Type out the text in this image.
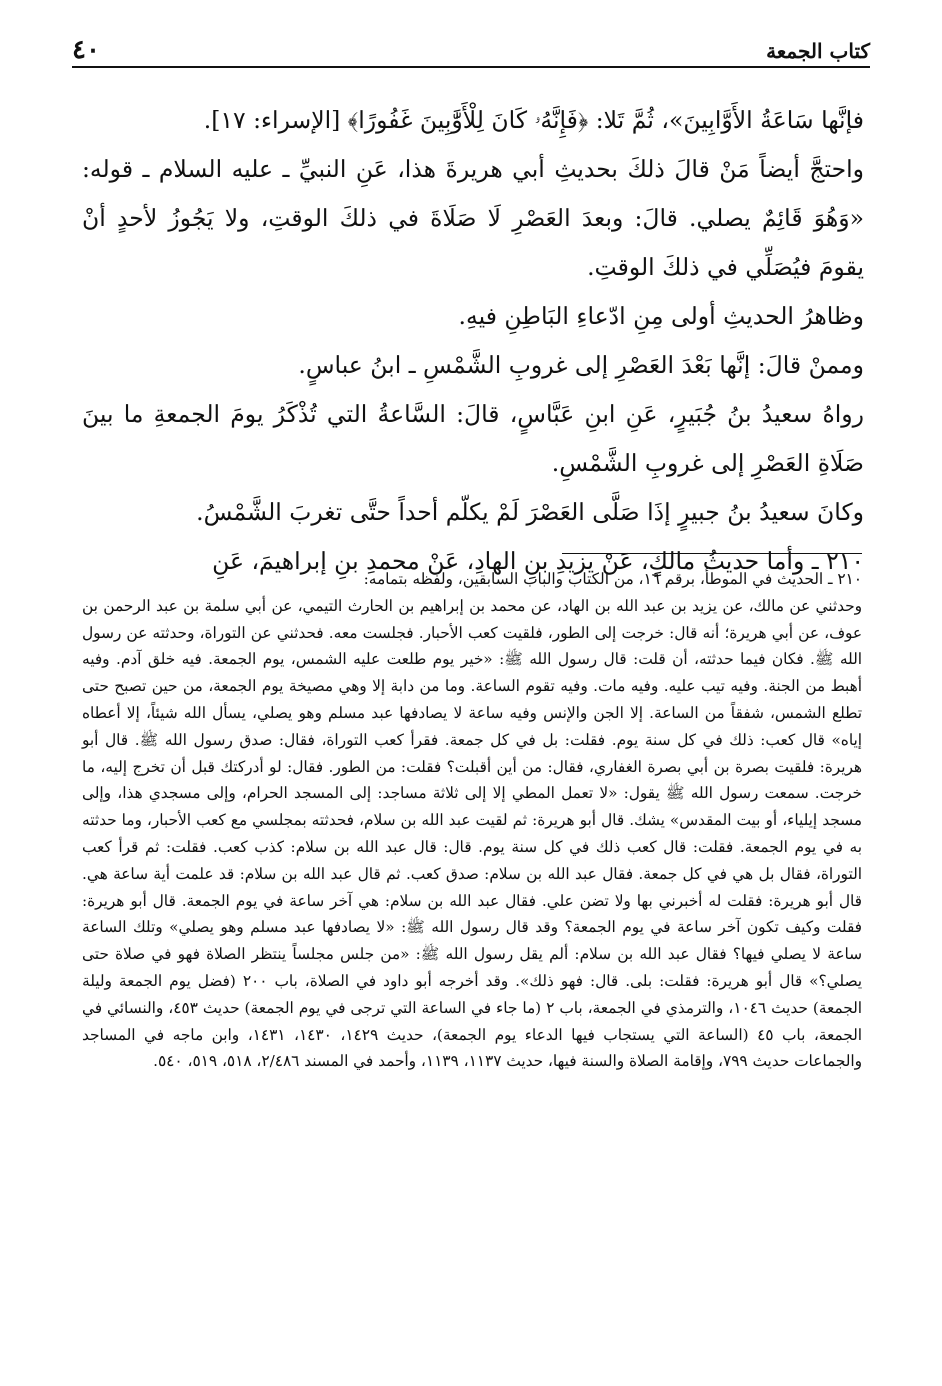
كتاب الجمعة
٤٠

فإنَّها سَاعَةُ الأَوَّابِينَ»، ثُمَّ تَلا: ﴿فَإِنَّهُۥ كَانَ لِلْأَوَّٰبِينَ غَفُورًا﴾ [الإسراء: ١٧].

واحتجَّ أيضاً مَنْ قالَ ذلكَ بحديثِ أبي هريرةَ هذا، عَنِ النبيِّ ـ عليه السلام ـ قوله: «وَهُوَ قَائِمٌ يصلي. قالَ: وبعدَ العَصْرِ لَا صَلَاةَ في ذلكَ الوقتِ، ولا يَجُوزُ لأحدٍ أنْ يقومَ فيُصَلِّي في ذلكَ الوقتِ.

وظاهرُ الحديثِ أولى مِنِ ادّعاءِ البَاطِنِ فيهِ.

وممنْ قالَ: إنَّها بَعْدَ العَصْرِ إلى غروبِ الشَّمْسِ ـ ابنُ عباسٍ.

رواهُ سعيدُ بنُ جُبَيرٍ، عَنِ ابنِ عَبَّاسٍ، قالَ: السَّاعةُ التي تُذْكَرُ يومَ الجمعةِ ما بينَ صَلَاةِ العَصْرِ إلى غروبِ الشَّمْسِ.

وكانَ سعيدُ بنُ جبيرٍ إذَا صَلَّى العَصْرَ لَمْ يكلّم أحداً حتَّى تغربَ الشَّمْسُ.

٢١٠ ـ وأما حديثُ مالكٍ، عَنْ يزيدِ بنِ الهادِ، عَنْ محمدِ بنِ إبراهيمَ، عَنِ

٢١٠ ـ الحديث في الموطأ، برقم ١٦، من الكتاب والباب السابقين، ولفظه بتمامه:

وحدثني عن مالك، عن يزيد بن عبد الله بن الهاد، عن محمد بن إبراهيم بن الحارث التيمي، عن أبي سلمة بن عبد الرحمن بن عوف، عن أبي هريرة؛ أنه قال: خرجت إلى الطور، فلقيت كعب الأحبار. فجلست معه. فحدثني عن التوراة، وحدثته عن رسول الله ﷺ. فكان فيما حدثته، أن قلت: قال رسول الله ﷺ: «خير يوم طلعت عليه الشمس، يوم الجمعة. فيه خلق آدم. وفيه أهبط من الجنة. وفيه تيب عليه. وفيه مات. وفيه تقوم الساعة. وما من دابة إلا وهي مصيخة يوم الجمعة، من حين تصبح حتى تطلع الشمس، شفقاً من الساعة. إلا الجن والإنس وفيه ساعة لا يصادفها عبد مسلم وهو يصلي، يسأل الله شيئاً، إلا أعطاه إياه» قال كعب: ذلك في كل سنة يوم. فقلت: بل في كل جمعة. فقرأ كعب التوراة، فقال: صدق رسول الله ﷺ. قال أبو هريرة: فلقيت بصرة بن أبي بصرة الغفاري، فقال: من أين أقبلت؟ فقلت: من الطور. فقال: لو أدركتك قبل أن تخرج إليه، ما خرجت. سمعت رسول الله ﷺ يقول: «لا تعمل المطي إلا إلى ثلاثة مساجد: إلى المسجد الحرام، وإلى مسجدي هذا، وإلى مسجد إيلياء، أو بيت المقدس» يشك. قال أبو هريرة: ثم لقيت عبد الله بن سلام، فحدثته بمجلسي مع كعب الأحبار، وما حدثته به في يوم الجمعة. فقلت: قال كعب ذلك في كل سنة يوم. قال: قال عبد الله بن سلام: كذب كعب. فقلت: ثم قرأ كعب التوراة، فقال بل هي في كل جمعة. فقال عبد الله بن سلام: صدق كعب. ثم قال عبد الله بن سلام: قد علمت أية ساعة هي. قال أبو هريرة: فقلت له أخبرني بها ولا تضن علي. فقال عبد الله بن سلام: هي آخر ساعة في يوم الجمعة. قال أبو هريرة: فقلت وكيف تكون آخر ساعة في يوم الجمعة؟ وقد قال رسول الله ﷺ: «لا يصادفها عبد مسلم وهو يصلي» وتلك الساعة ساعة لا يصلي فيها؟ فقال عبد الله بن سلام: ألم يقل رسول الله ﷺ: «من جلس مجلساً ينتظر الصلاة فهو في صلاة حتى يصلي؟» قال أبو هريرة: فقلت: بلى. قال: فهو ذلك». وقد أخرجه أبو داود في الصلاة، باب ٢٠٠ (فضل يوم الجمعة وليلة الجمعة) حديث ١٠٤٦، والترمذي في الجمعة، باب ٢ (ما جاء في الساعة التي ترجى في يوم الجمعة) حديث ٤٥٣، والنسائي في الجمعة، باب ٤٥ (الساعة التي يستجاب فيها الدعاء يوم الجمعة)، حديث ١٤٢٩، ١٤٣٠، ١٤٣١، وابن ماجه في المساجد والجماعات حديث ٧٩٩، وإقامة الصلاة والسنة فيها، حديث ١١٣٧، ١١٣٩، وأحمد في المسند ٢/٤٨٦، ٥١٨، ٥١٩، ٥٤٠.
